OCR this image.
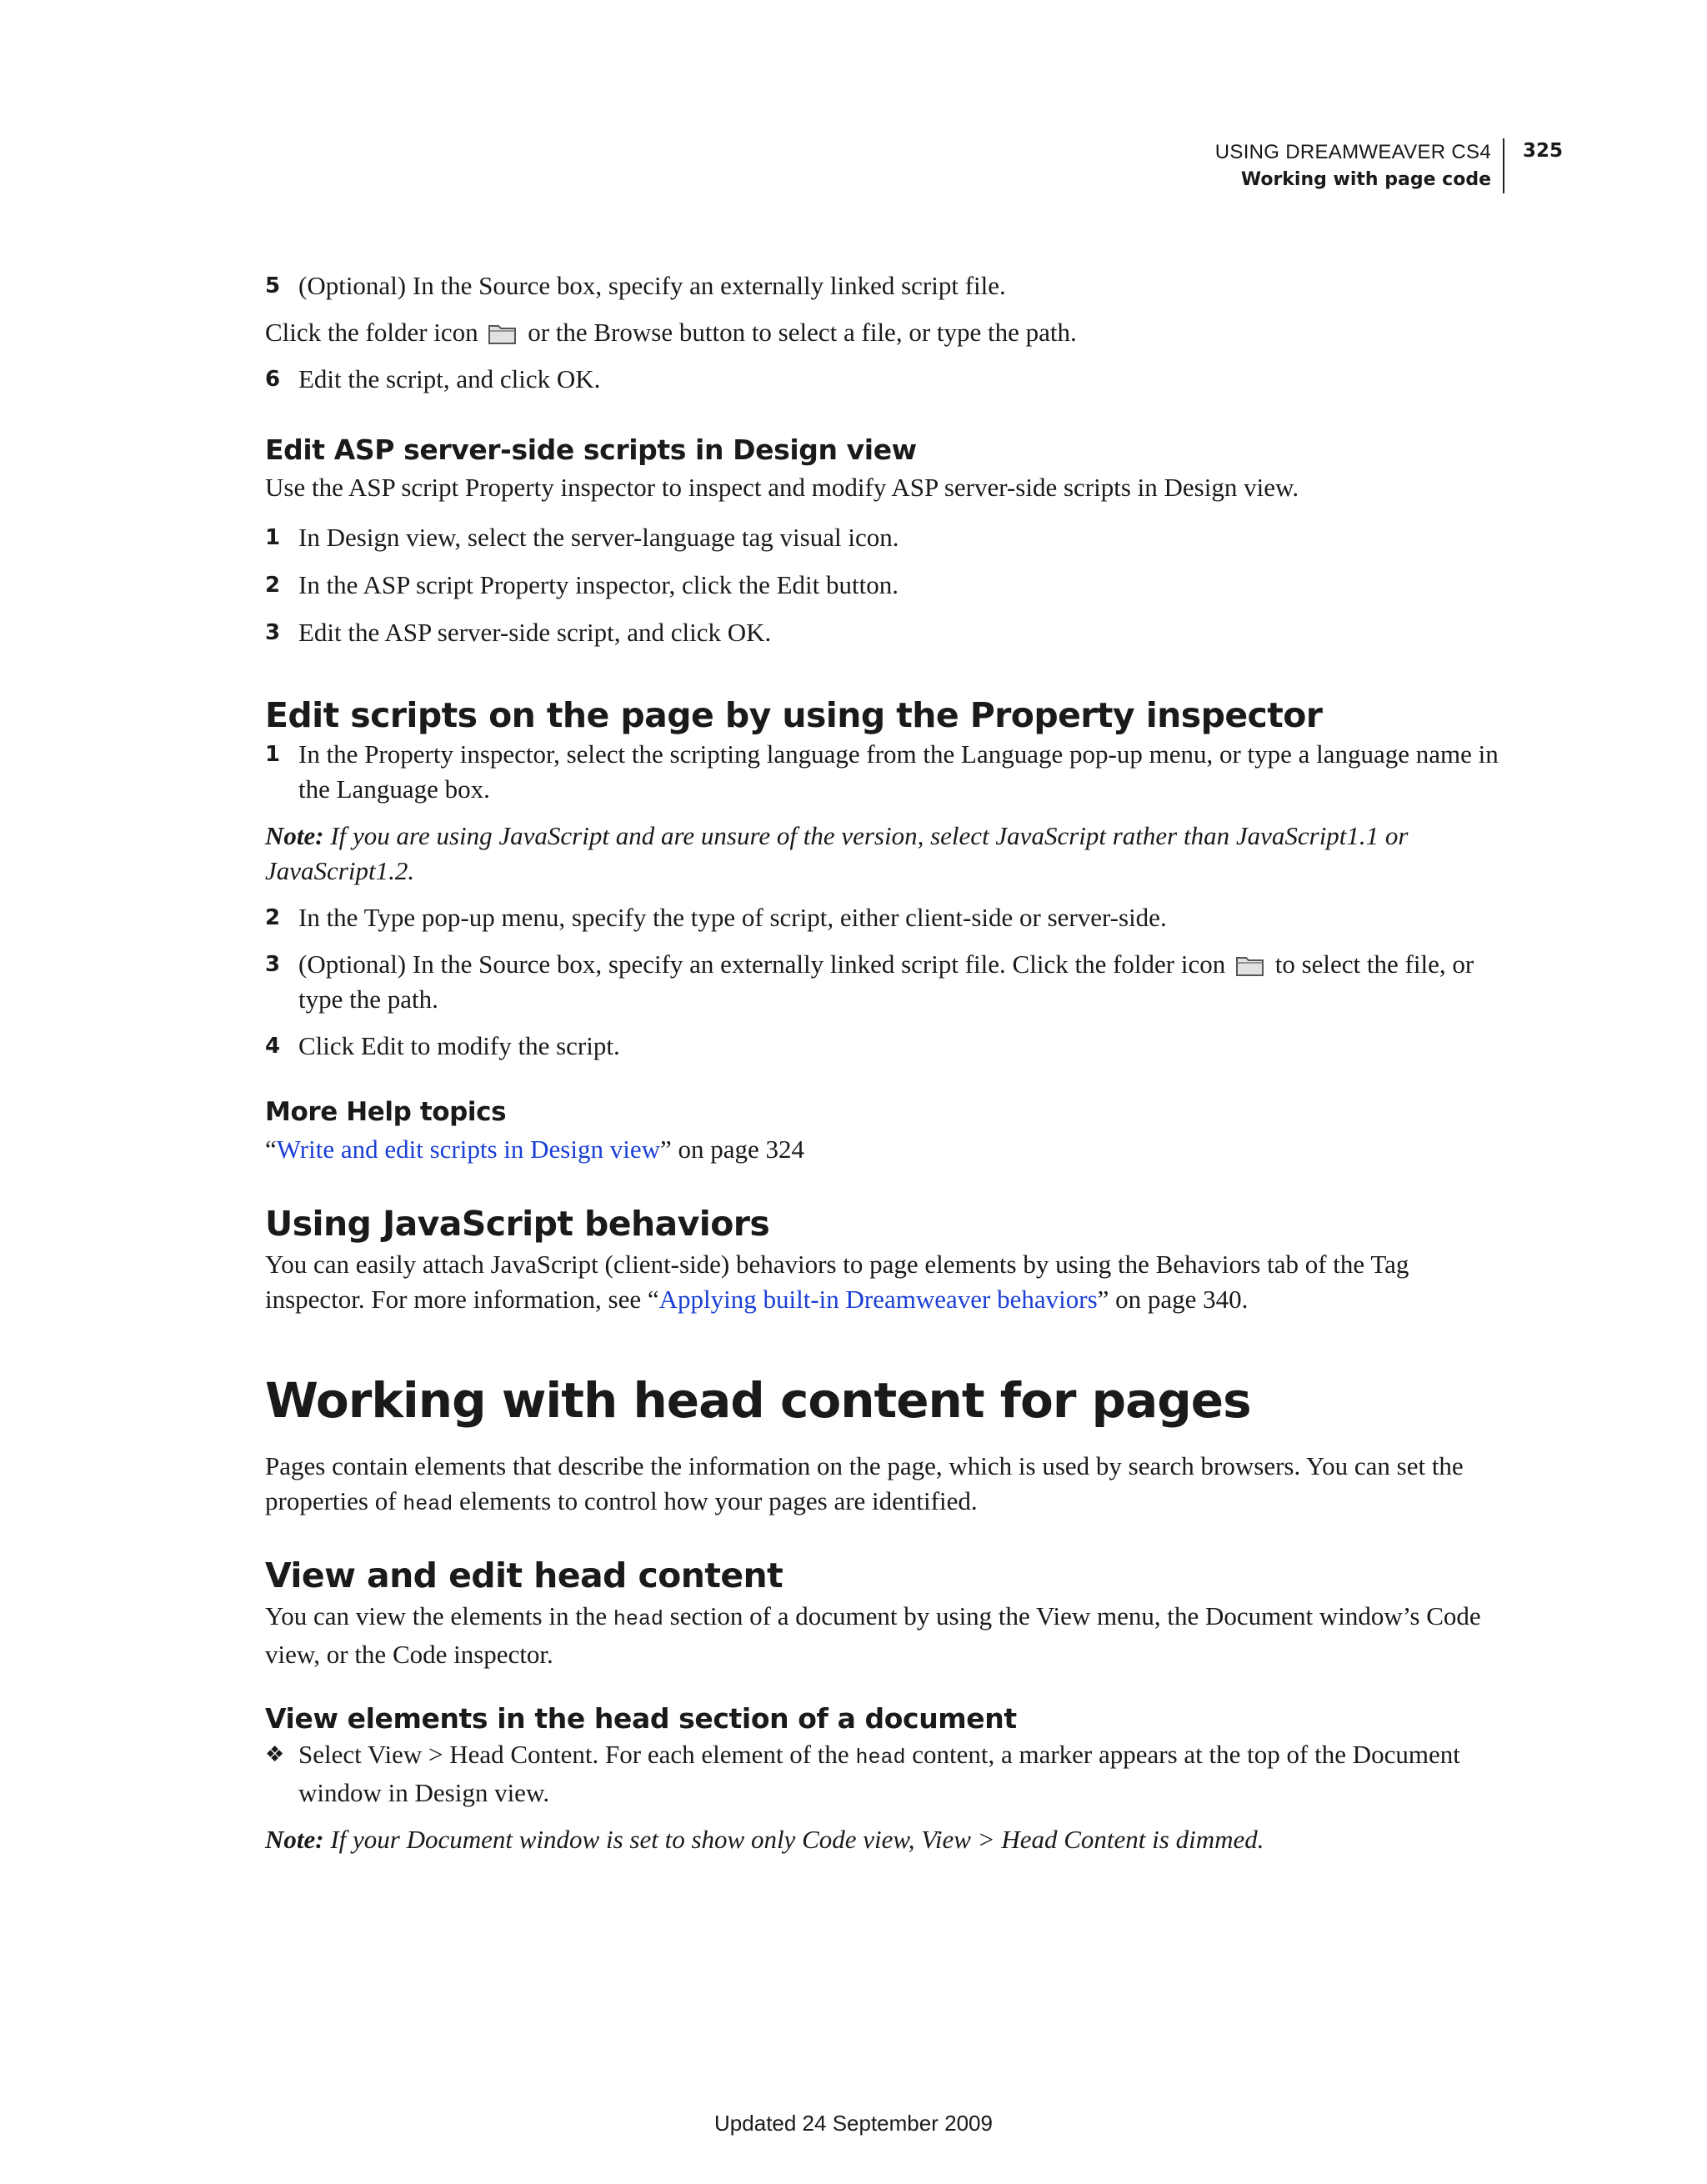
USING DREAMWEAVER CS4
Working with page code
325
5 (Optional) In the Source box, specify an externally linked script file.

Click the folder icon or the Browse button to select a file, or type the path.

6 Edit the script, and click OK.
Edit ASP server-side scripts in Design view

Use the ASP script Property inspector to inspect and modify ASP server-side scripts in Design view.

1 In Design view, select the server-language tag visual icon.
2 In the ASP script Property inspector, click the Edit button.
3 Edit the ASP server-side script, and click OK.
Edit scripts on the page by using the Property inspector
1 In the Property inspector, select the scripting language from the Language pop-up menu, or type a language name in the Language box.

Note: If you are using JavaScript and are unsure of the version, select JavaScript rather than JavaScript1.1 or JavaScript1.2.

2 In the Type pop-up menu, specify the type of script, either client-side or server-side.
3 (Optional) In the Source box, specify an externally linked script file. Click the folder icon to select the file, or type the path.
4 Click Edit to modify the script.
More Help topics

“Write and edit scripts in Design view” on page 324

Using JavaScript behaviors

You can easily attach JavaScript (client-side) behaviors to page elements by using the Behaviors tab of the Tag inspector. For more information, see “Applying built-in Dreamweaver behaviors” on page 340.

Working with head content for pages

Pages contain elements that describe the information on the page, which is used by search browsers. You can set the properties of head elements to control how your pages are identified.

View and edit head content

You can view the elements in the head section of a document by using the View menu, the Document window’s Code view, or the Code inspector.

View elements in the head section of a document
❖ Select View > Head Content. For each element of the head content, a marker appears at the top of the Document window in Design view.

Note: If your Document window is set to show only Code view, View > Head Content is dimmed.

Updated 24 September 2009
